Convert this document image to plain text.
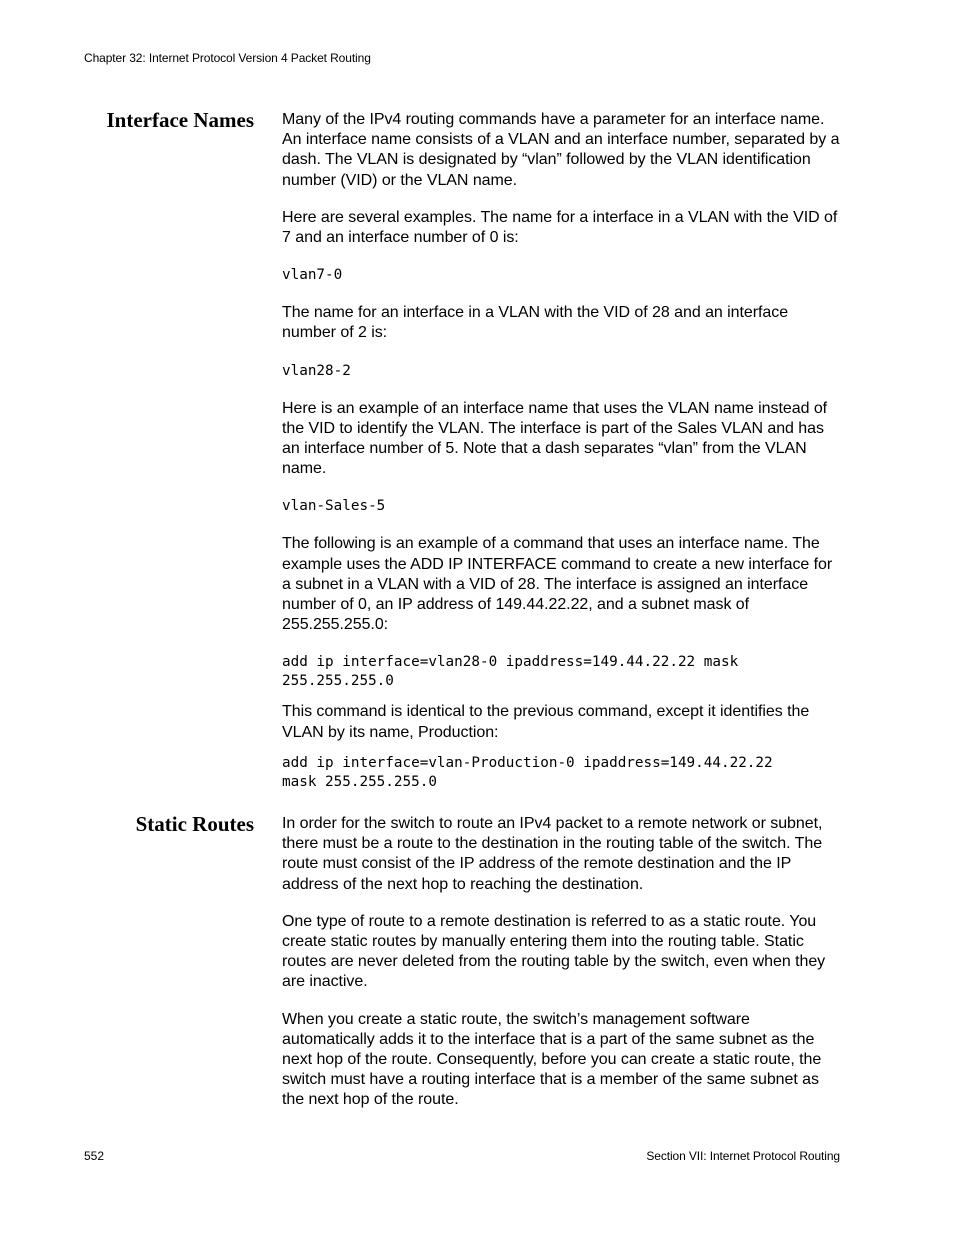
Chapter 32: Internet Protocol Version 4 Packet Routing
Interface Names Many of the IPv4 routing commands have a parameter for an interface name. An interface name consists of a VLAN and an interface number, separated by a dash. The VLAN is designated by “vlan” followed by the VLAN identification number (VID) or the VLAN name.

Here are several examples. The name for a interface in a VLAN with the VID of 7 and an interface number of 0 is:

vlan7-0

The name for an interface in a VLAN with the VID of 28 and an interface number of 2 is:

vlan28-2

Here is an example of an interface name that uses the VLAN name instead of the VID to identify the VLAN. The interface is part of the Sales VLAN and has an interface number of 5. Note that a dash separates “vlan” from the VLAN name.

vlan-Sales-5

The following is an example of a command that uses an interface name. The example uses the ADD IP INTERFACE command to create a new interface for a subnet in a VLAN with a VID of 28. The interface is assigned an interface number of 0, an IP address of 149.44.22.22, and a subnet mask of 255.255.255.0:

add ip interface=vlan28-0 ipaddress=149.44.22.22 mask
255.255.255.0

This command is identical to the previous command, except it identifies the VLAN by its name, Production:

add ip interface=vlan-Production-0 ipaddress=149.44.22.22
mask 255.255.255.0
Static Routes In order for the switch to route an IPv4 packet to a remote network or subnet, there must be a route to the destination in the routing table of the switch. The route must consist of the IP address of the remote destination and the IP address of the next hop to reaching the destination.

One type of route to a remote destination is referred to as a static route. You create static routes by manually entering them into the routing table. Static routes are never deleted from the routing table by the switch, even when they are inactive.

When you create a static route, the switch’s management software automatically adds it to the interface that is a part of the same subnet as the next hop of the route. Consequently, before you can create a static route, the switch must have a routing interface that is a member of the same subnet as the next hop of the route.

552	Section VII: Internet Protocol Routing
